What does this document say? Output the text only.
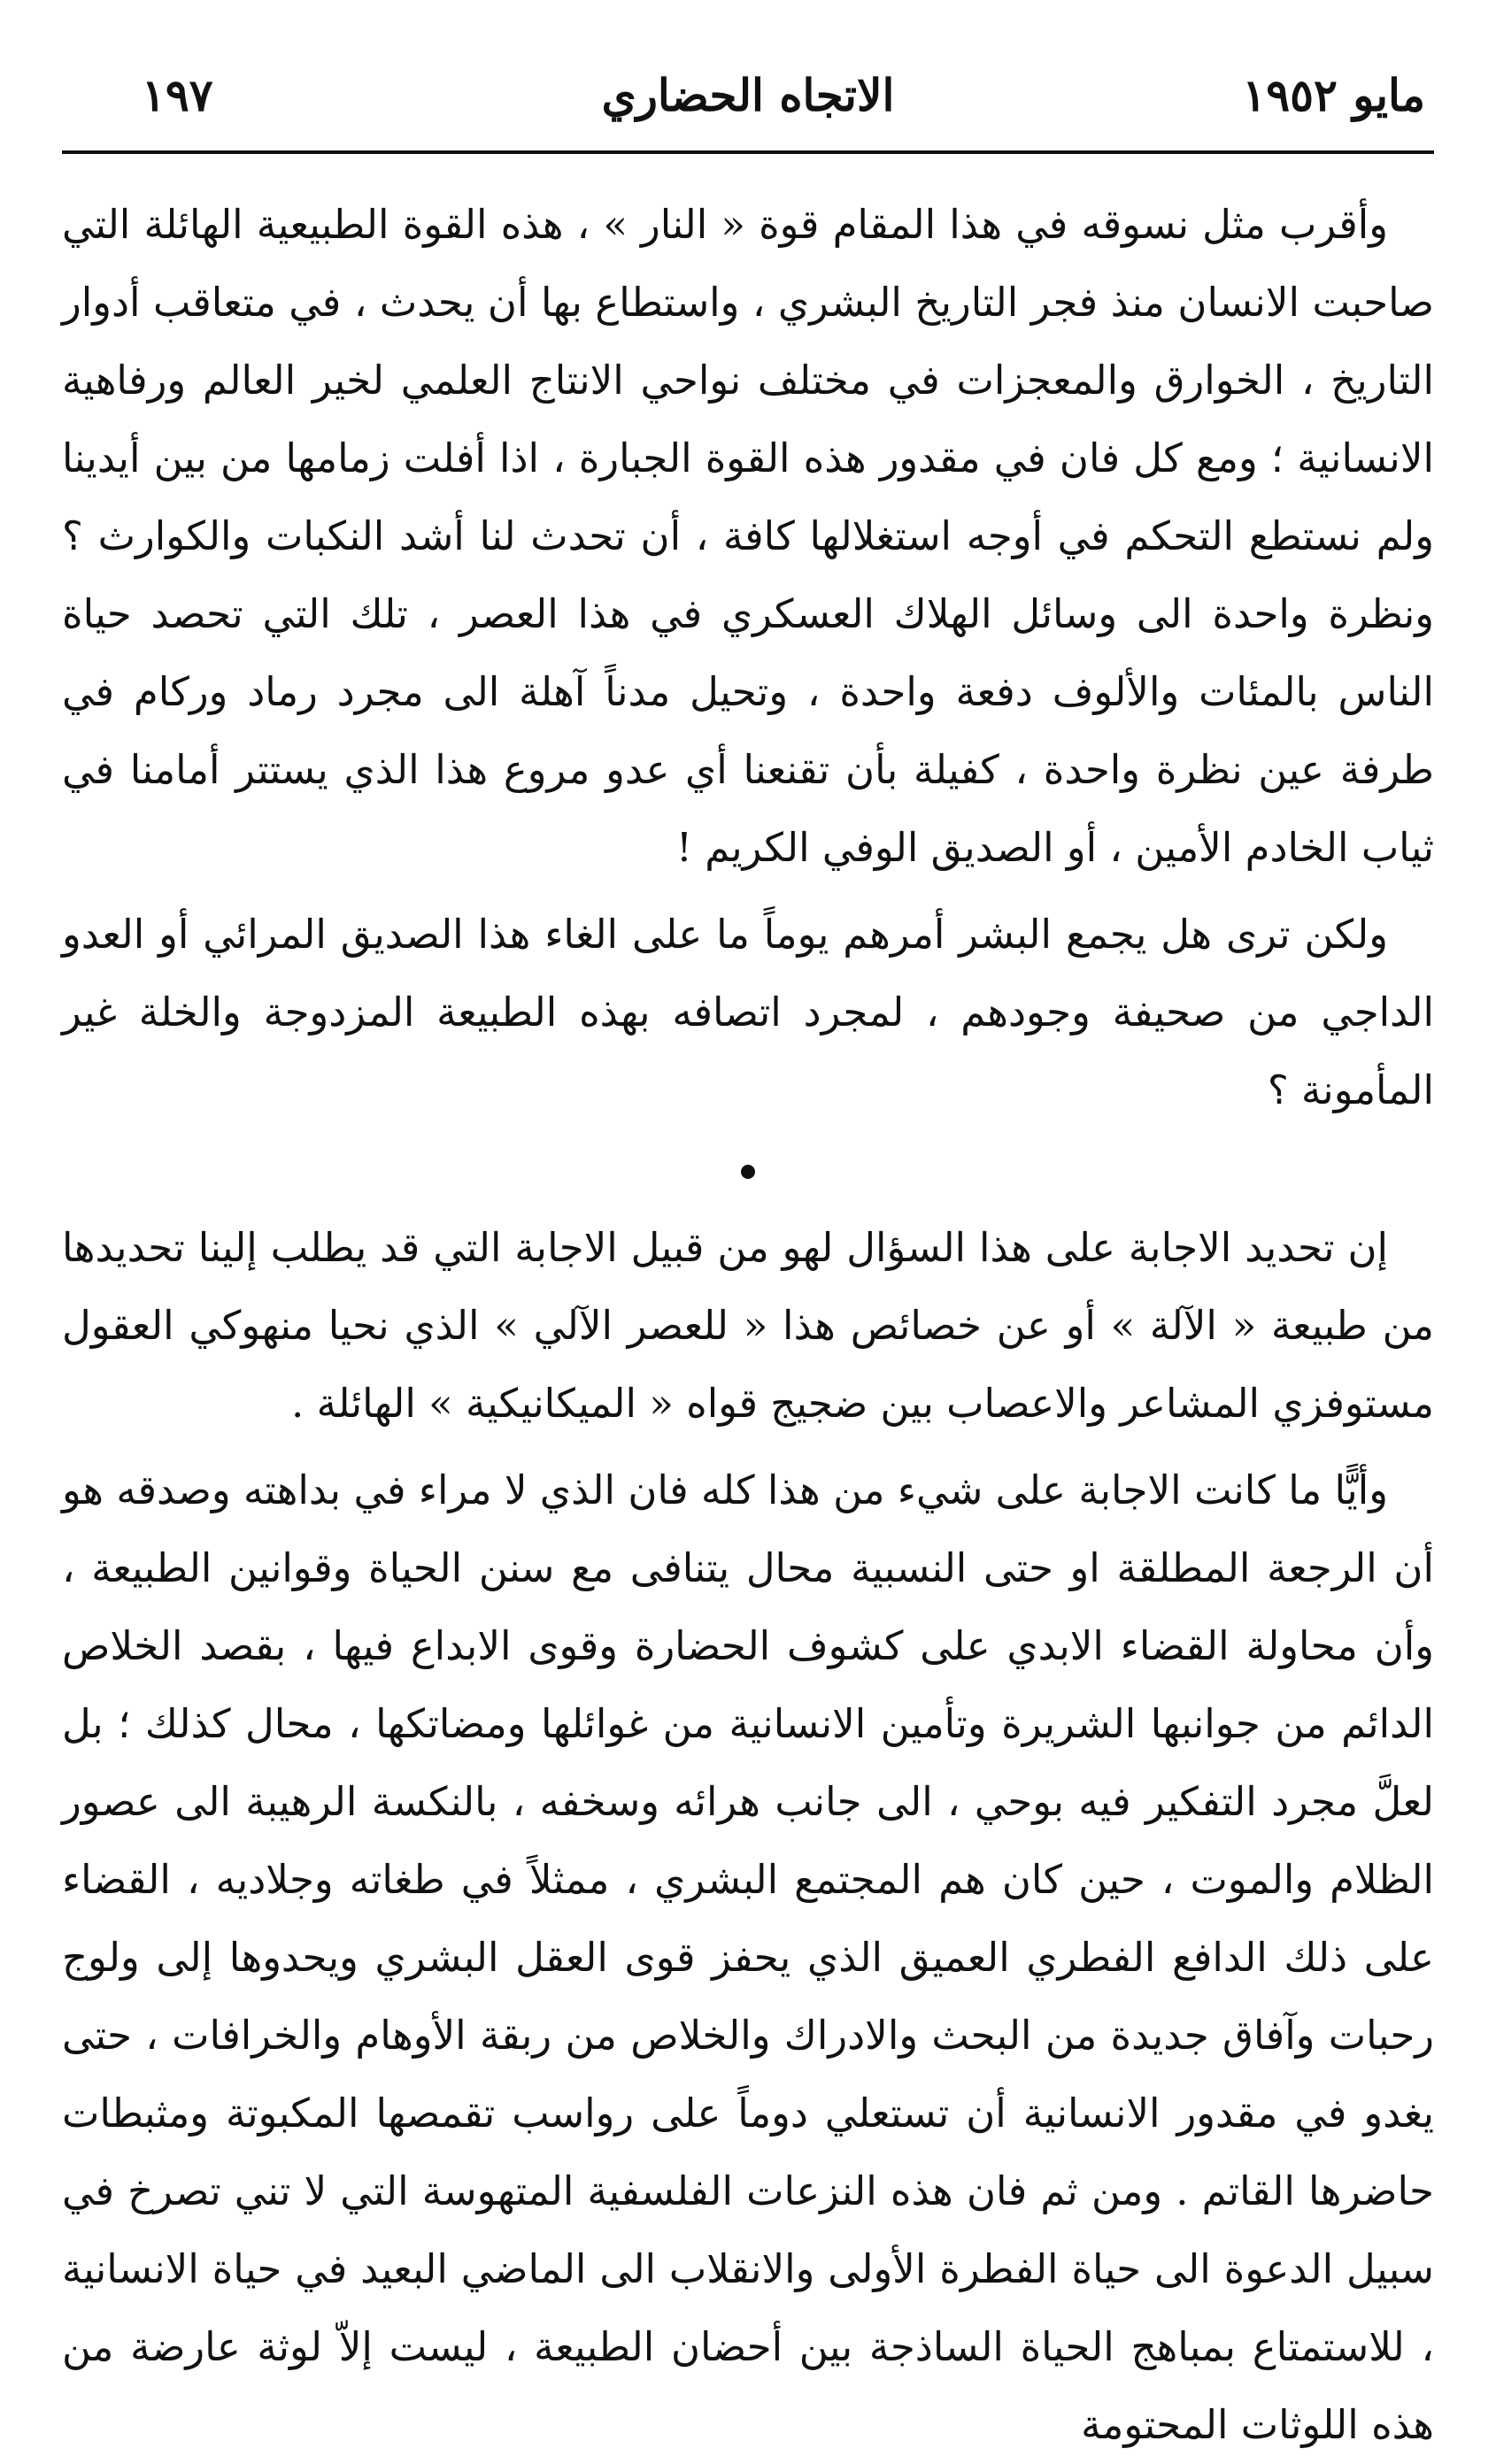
مايو ١٩٥٢
الاتجاه الحضاري
١٩٧

وأقرب مثل نسوقه في هذا المقام قوة « النار » ، هذه القوة الطبيعية الهائلة التي صاحبت الانسان منذ فجر التاريخ البشري ، واستطاع بها أن يحدث ، في متعاقب أدوار التاريخ ، الخوارق والمعجزات في مختلف نواحي الانتاج العلمي لخير العالم ورفاهية الانسانية ؛ ومع كل فان في مقدور هذه القوة الجبارة ، اذا أفلت زمامها من بين أيدينا ولم نستطع التحكم في أوجه استغلالها كافة ، أن تحدث لنا أشد النكبات والكوارث ؟ ونظرة واحدة الى وسائل الهلاك العسكري في هذا العصر ، تلك التي تحصد حياة الناس بالمئات والألوف دفعة واحدة ، وتحيل مدناً آهلة الى مجرد رماد وركام في طرفة عين نظرة واحدة ، كفيلة بأن تقنعنا أي عدو مروع هذا الذي يستتر أمامنا في ثياب الخادم الأمين ، أو الصديق الوفي الكريم !

ولكن ترى هل يجمع البشر أمرهم يوماً ما على الغاء هذا الصديق المرائي أو العدو الداجي من صحيفة وجودهم ، لمجرد اتصافه بهذه الطبيعة المزدوجة والخلة غير المأمونة ؟

إن تحديد الاجابة على هذا السؤال لهو من قبيل الاجابة التي قد يطلب إلينا تحديدها من طبيعة « الآلة » أو عن خصائص هذا « للعصر الآلي » الذي نحيا منهوكي العقول مستوفزي المشاعر والاعصاب بين ضجيج قواه « الميكانيكية » الهائلة .

وأيًّا ما كانت الاجابة على شيء من هذا كله فان الذي لا مراء في بداهته وصدقه هو أن الرجعة المطلقة او حتى النسبية محال يتنافى مع سنن الحياة وقوانين الطبيعة ، وأن محاولة القضاء الابدي على كشوف الحضارة وقوى الابداع فيها ، بقصد الخلاص الدائم من جوانبها الشريرة وتأمين الانسانية من غوائلها ومضاتكها ، محال كذلك ؛ بل لعلَّ مجرد التفكير فيه بوحي ، الى جانب هرائه وسخفه ، بالنكسة الرهيبة الى عصور الظلام والموت ، حين كان هم المجتمع البشري ، ممثلاً في طغاته وجلاديه ، القضاء على ذلك الدافع الفطري العميق الذي يحفز قوى العقل البشري ويحدوها إلى ولوج رحبات وآفاق جديدة من البحث والادراك والخلاص من ربقة الأوهام والخرافات ، حتى يغدو في مقدور الانسانية أن تستعلي دوماً على رواسب تقمصها المكبوتة ومثبطات حاضرها القاتم . ومن ثم فان هذه النزعات الفلسفية المتهوسة التي لا تني تصرخ في سبيل الدعوة الى حياة الفطرة الأولى والانقلاب الى الماضي البعيد في حياة الانسانية ، للاستمتاع بمباهج الحياة الساذجة بين أحضان الطبيعة ، ليست إلاّ لوثة عارضة من هذه اللوثات المحتومة
